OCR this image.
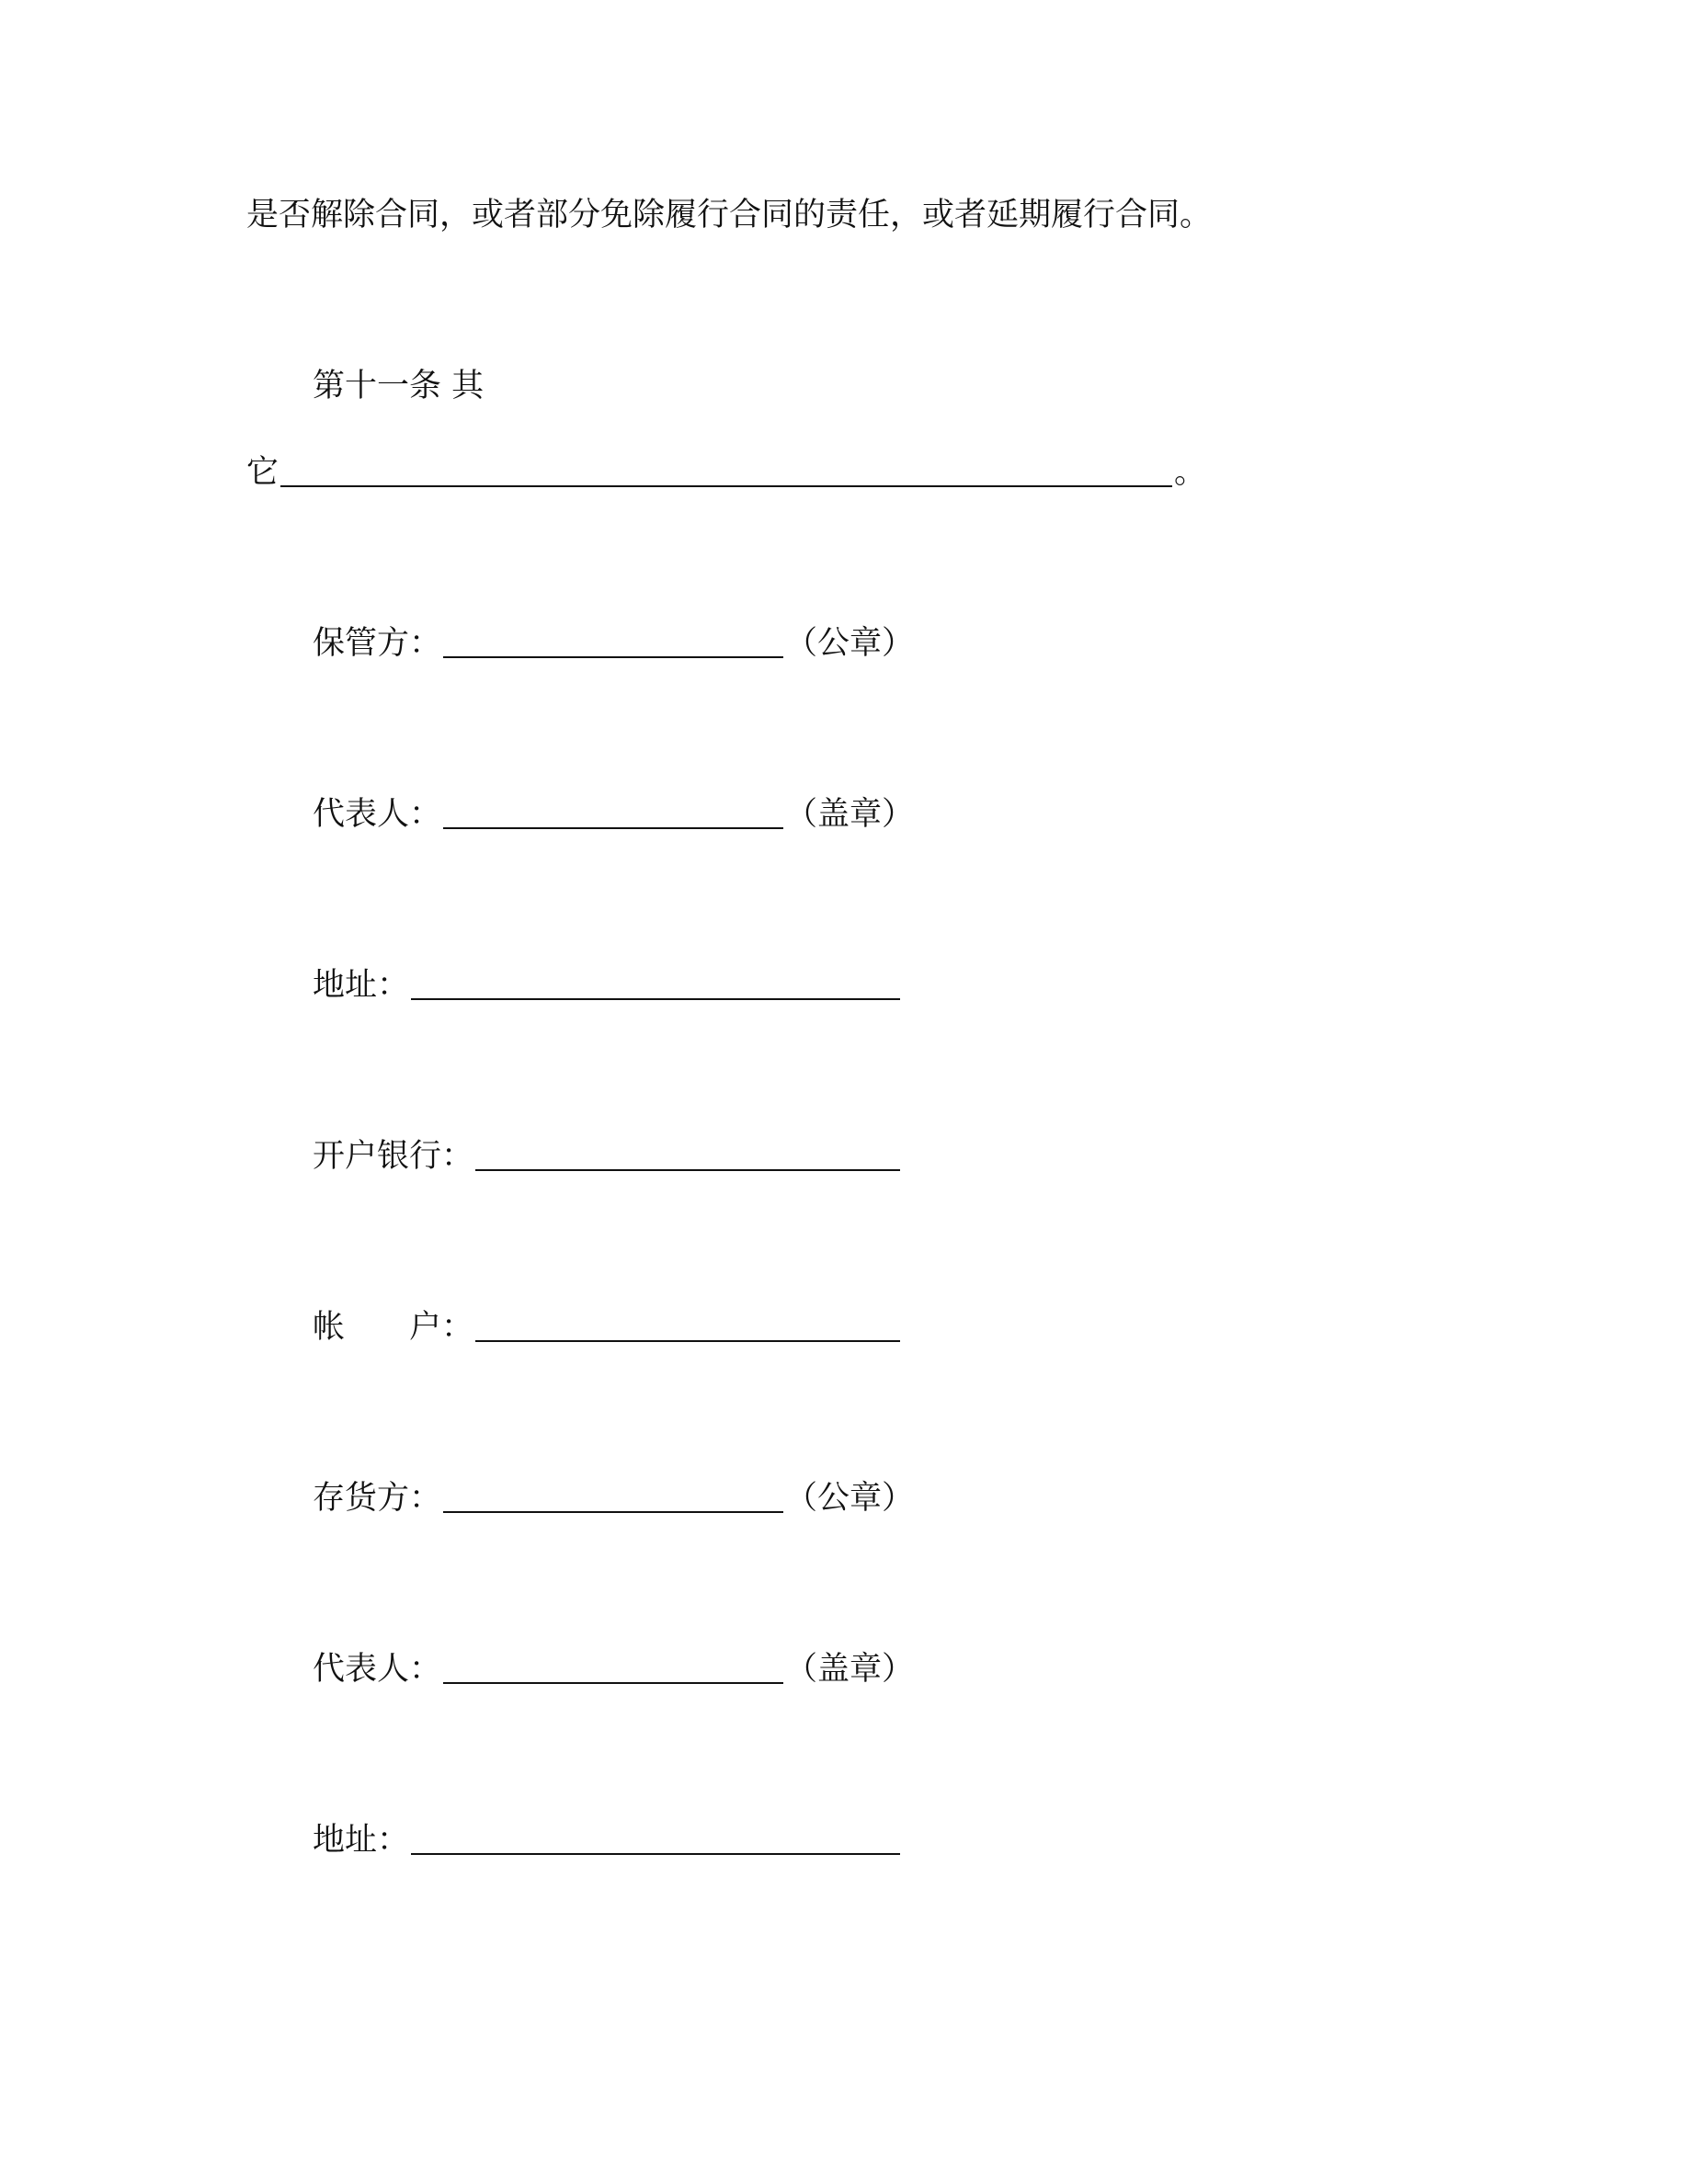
是否解除合同，或者部分免除履行合同的责任，或者延期履行合同。
第十一条 其
它	。
保管方：	（公章）
代表人：	（盖章）
地址：
开户银行：
帐 户：
存货方：	（公章）
代表人：	（盖章）
地址：
